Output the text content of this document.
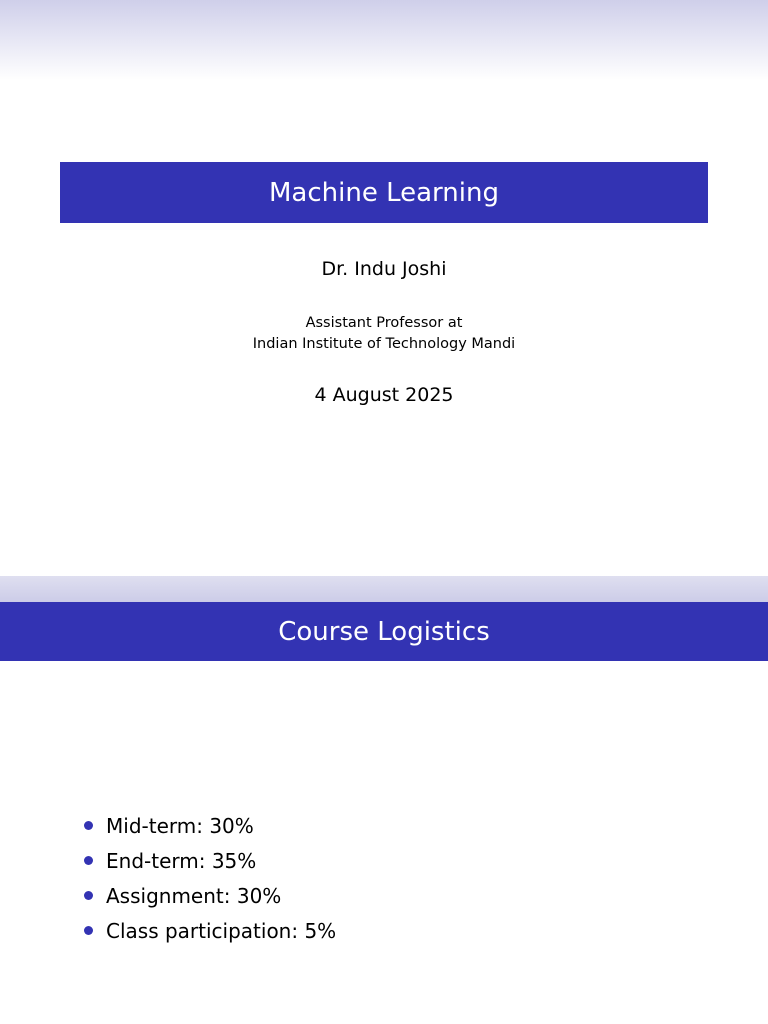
Machine Learning
Dr. Indu Joshi
Assistant Professor at
Indian Institute of Technology Mandi
4 August 2025
Course Logistics
Mid-term: 30%
End-term: 35%
Assignment: 30%
Class participation: 5%
